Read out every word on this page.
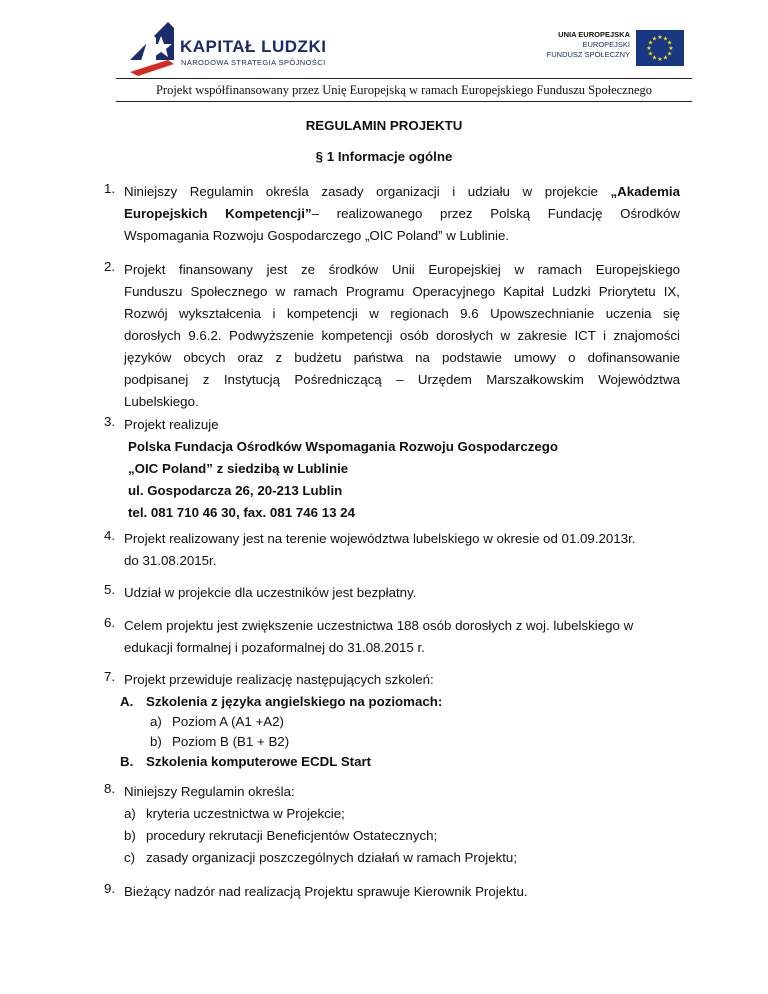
KAPITAŁ LUDZKI
NARODOWA STRATEGIA SPÓJNOŚCI
UNIA EUROPEJSKA
EUROPEJSKI
FUNDUSZ SPOŁECZNY
★
★
★
★
★
★
★
★
★ ★ ★
★
Projekt współfinansowany przez Unię Europejską w ramach Europejskiego Funduszu Społecznego
REGULAMIN PROJEKTU
§ 1 Informacje ogólne
1. Niniejszy Regulamin określa zasady organizacji i udziału w projekcie „Akademia
Europejskich Kompetencji”– realizowanego przez Polską Fundację Ośrodków
Wspomagania Rozwoju Gospodarczego „OIC Poland” w Lublinie.
2. Projekt finansowany jest ze środków Unii Europejskiej w ramach Europejskiego
Funduszu Społecznego w ramach Programu Operacyjnego Kapitał Ludzki Priorytetu IX,
Rozwój wykształcenia i kompetencji w regionach 9.6 Upowszechnianie uczenia się
dorosłych 9.6.2. Podwyższenie kompetencji osób dorosłych w zakresie ICT i znajomości
języków obcych oraz z budżetu państwa na podstawie umowy o dofinansowanie
podpisanej z Instytucją Pośredniczącą – Urzędem Marszałkowskim Województwa
Lubelskiego.
3. Projekt realizuje
Polska Fundacja Ośrodków Wspomagania Rozwoju Gospodarczego
„OIC Poland” z siedzibą w Lublinie
ul. Gospodarcza 26, 20-213 Lublin
tel. 081 710 46 30, fax. 081 746 13 24
4. Projekt realizowany jest na terenie województwa lubelskiego w okresie od 01.09.2013r.
do 31.08.2015r.
5. Udział w projekcie dla uczestników jest bezpłatny.
6. Celem projektu jest zwiększenie uczestnictwa 188 osób dorosłych z woj. lubelskiego w
edukacji formalnej i pozaformalnej do 31.08.2015 r.
7. Projekt przewiduje realizację następujących szkoleń:
A. Szkolenia z języka angielskiego na poziomach:
a) Poziom A (A1 +A2)
b) Poziom B (B1 + B2)
B. Szkolenia komputerowe ECDL Start
8. Niniejszy Regulamin określa:
a) kryteria uczestnictwa w Projekcie;
b) procedury rekrutacji Beneficjentów Ostatecznych;
c) zasady organizacji poszczególnych działań w ramach Projektu;
9. Bieżący nadzór nad realizacją Projektu sprawuje Kierownik Projektu.
